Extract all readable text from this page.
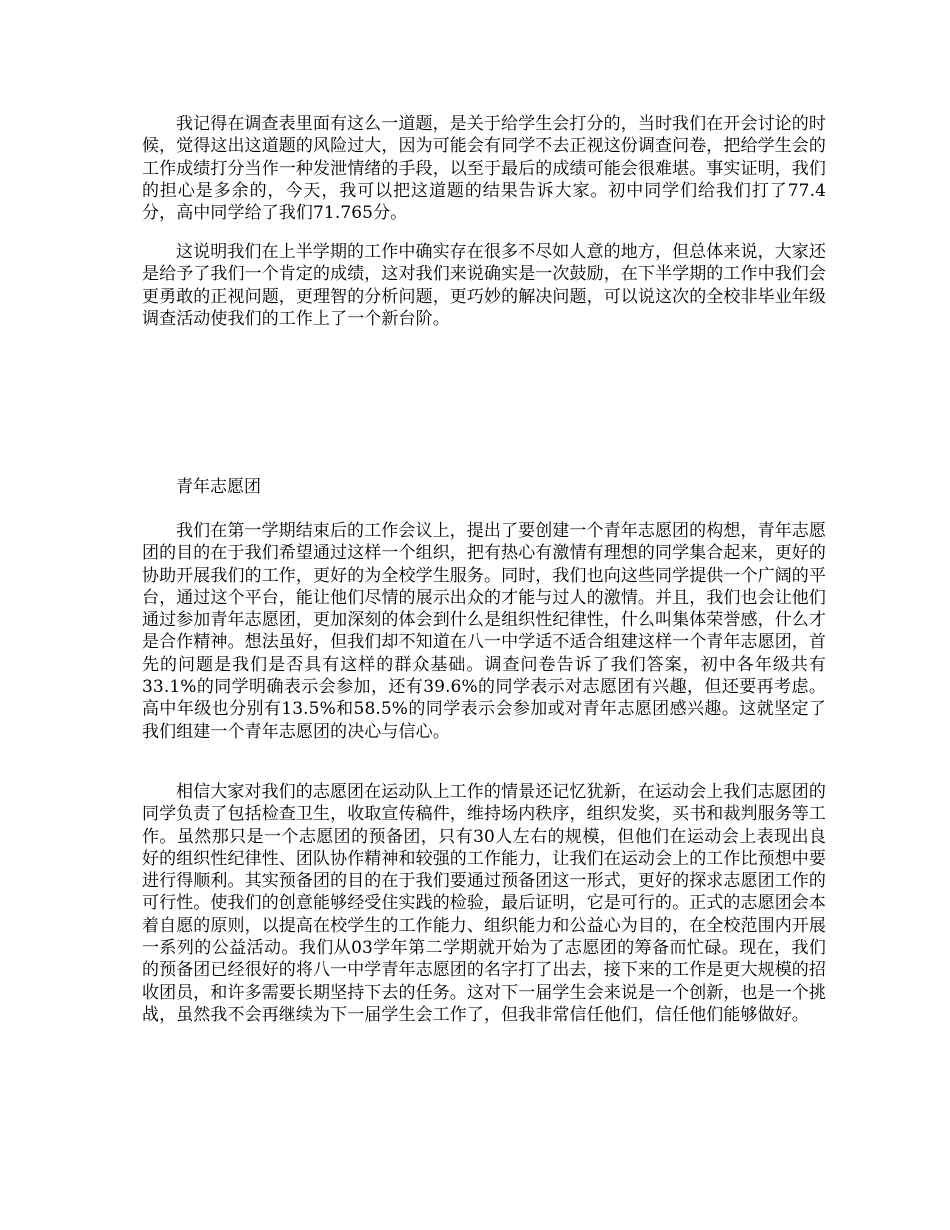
我记得在调查表里面有这么一道题，是关于给学生会打分的，当时我们在开会讨论的时候，觉得这出这道题的风险过大，因为可能会有同学不去正视这份调查问卷，把给学生会的工作成绩打分当作一种发泄情绪的手段，以至于最后的成绩可能会很难堪。事实证明，我们的担心是多余的，今天，我可以把这道题的结果告诉大家。初中同学们给我们打了77.4分，高中同学给了我们71.765分。

这说明我们在上半学期的工作中确实存在很多不尽如人意的地方，但总体来说，大家还是给予了我们一个肯定的成绩，这对我们来说确实是一次鼓励，在下半学期的工作中我们会更勇敢的正视问题，更理智的分析问题，更巧妙的解决问题，可以说这次的全校非毕业年级调查活动使我们的工作上了一个新台阶。

青年志愿团

我们在第一学期结束后的工作会议上，提出了要创建一个青年志愿团的构想，青年志愿团的目的在于我们希望通过这样一个组织，把有热心有激情有理想的同学集合起来，更好的协助开展我们的工作，更好的为全校学生服务。同时，我们也向这些同学提供一个广阔的平台，通过这个平台，能让他们尽情的展示出众的才能与过人的激情。并且，我们也会让他们通过参加青年志愿团，更加深刻的体会到什么是组织性纪律性，什么叫集体荣誉感，什么才是合作精神。想法虽好，但我们却不知道在八一中学适不适合组建这样一个青年志愿团，首先的问题是我们是否具有这样的群众基础。调查问卷告诉了我们答案，初中各年级共有33.1%的同学明确表示会参加，还有39.6%的同学表示对志愿团有兴趣，但还要再考虑。高中年级也分别有13.5%和58.5%的同学表示会参加或对青年志愿团感兴趣。这就坚定了我们组建一个青年志愿团的决心与信心。

相信大家对我们的志愿团在运动队上工作的情景还记忆犹新，在运动会上我们志愿团的同学负责了包括检查卫生，收取宣传稿件，维持场内秩序，组织发奖，买书和裁判服务等工作。虽然那只是一个志愿团的预备团，只有30人左右的规模，但他们在运动会上表现出良好的组织性纪律性、团队协作精神和较强的工作能力，让我们在运动会上的工作比预想中要进行得顺利。其实预备团的目的在于我们要通过预备团这一形式，更好的探求志愿团工作的可行性。使我们的创意能够经受住实践的检验，最后证明，它是可行的。正式的志愿团会本着自愿的原则，以提高在校学生的工作能力、组织能力和公益心为目的，在全校范围内开展一系列的公益活动。我们从03学年第二学期就开始为了志愿团的筹备而忙碌。现在，我们的预备团已经很好的将八一中学青年志愿团的名字打了出去，接下来的工作是更大规模的招收团员，和许多需要长期坚持下去的任务。这对下一届学生会来说是一个创新，也是一个挑战，虽然我不会再继续为下一届学生会工作了，但我非常信任他们，信任他们能够做好。
